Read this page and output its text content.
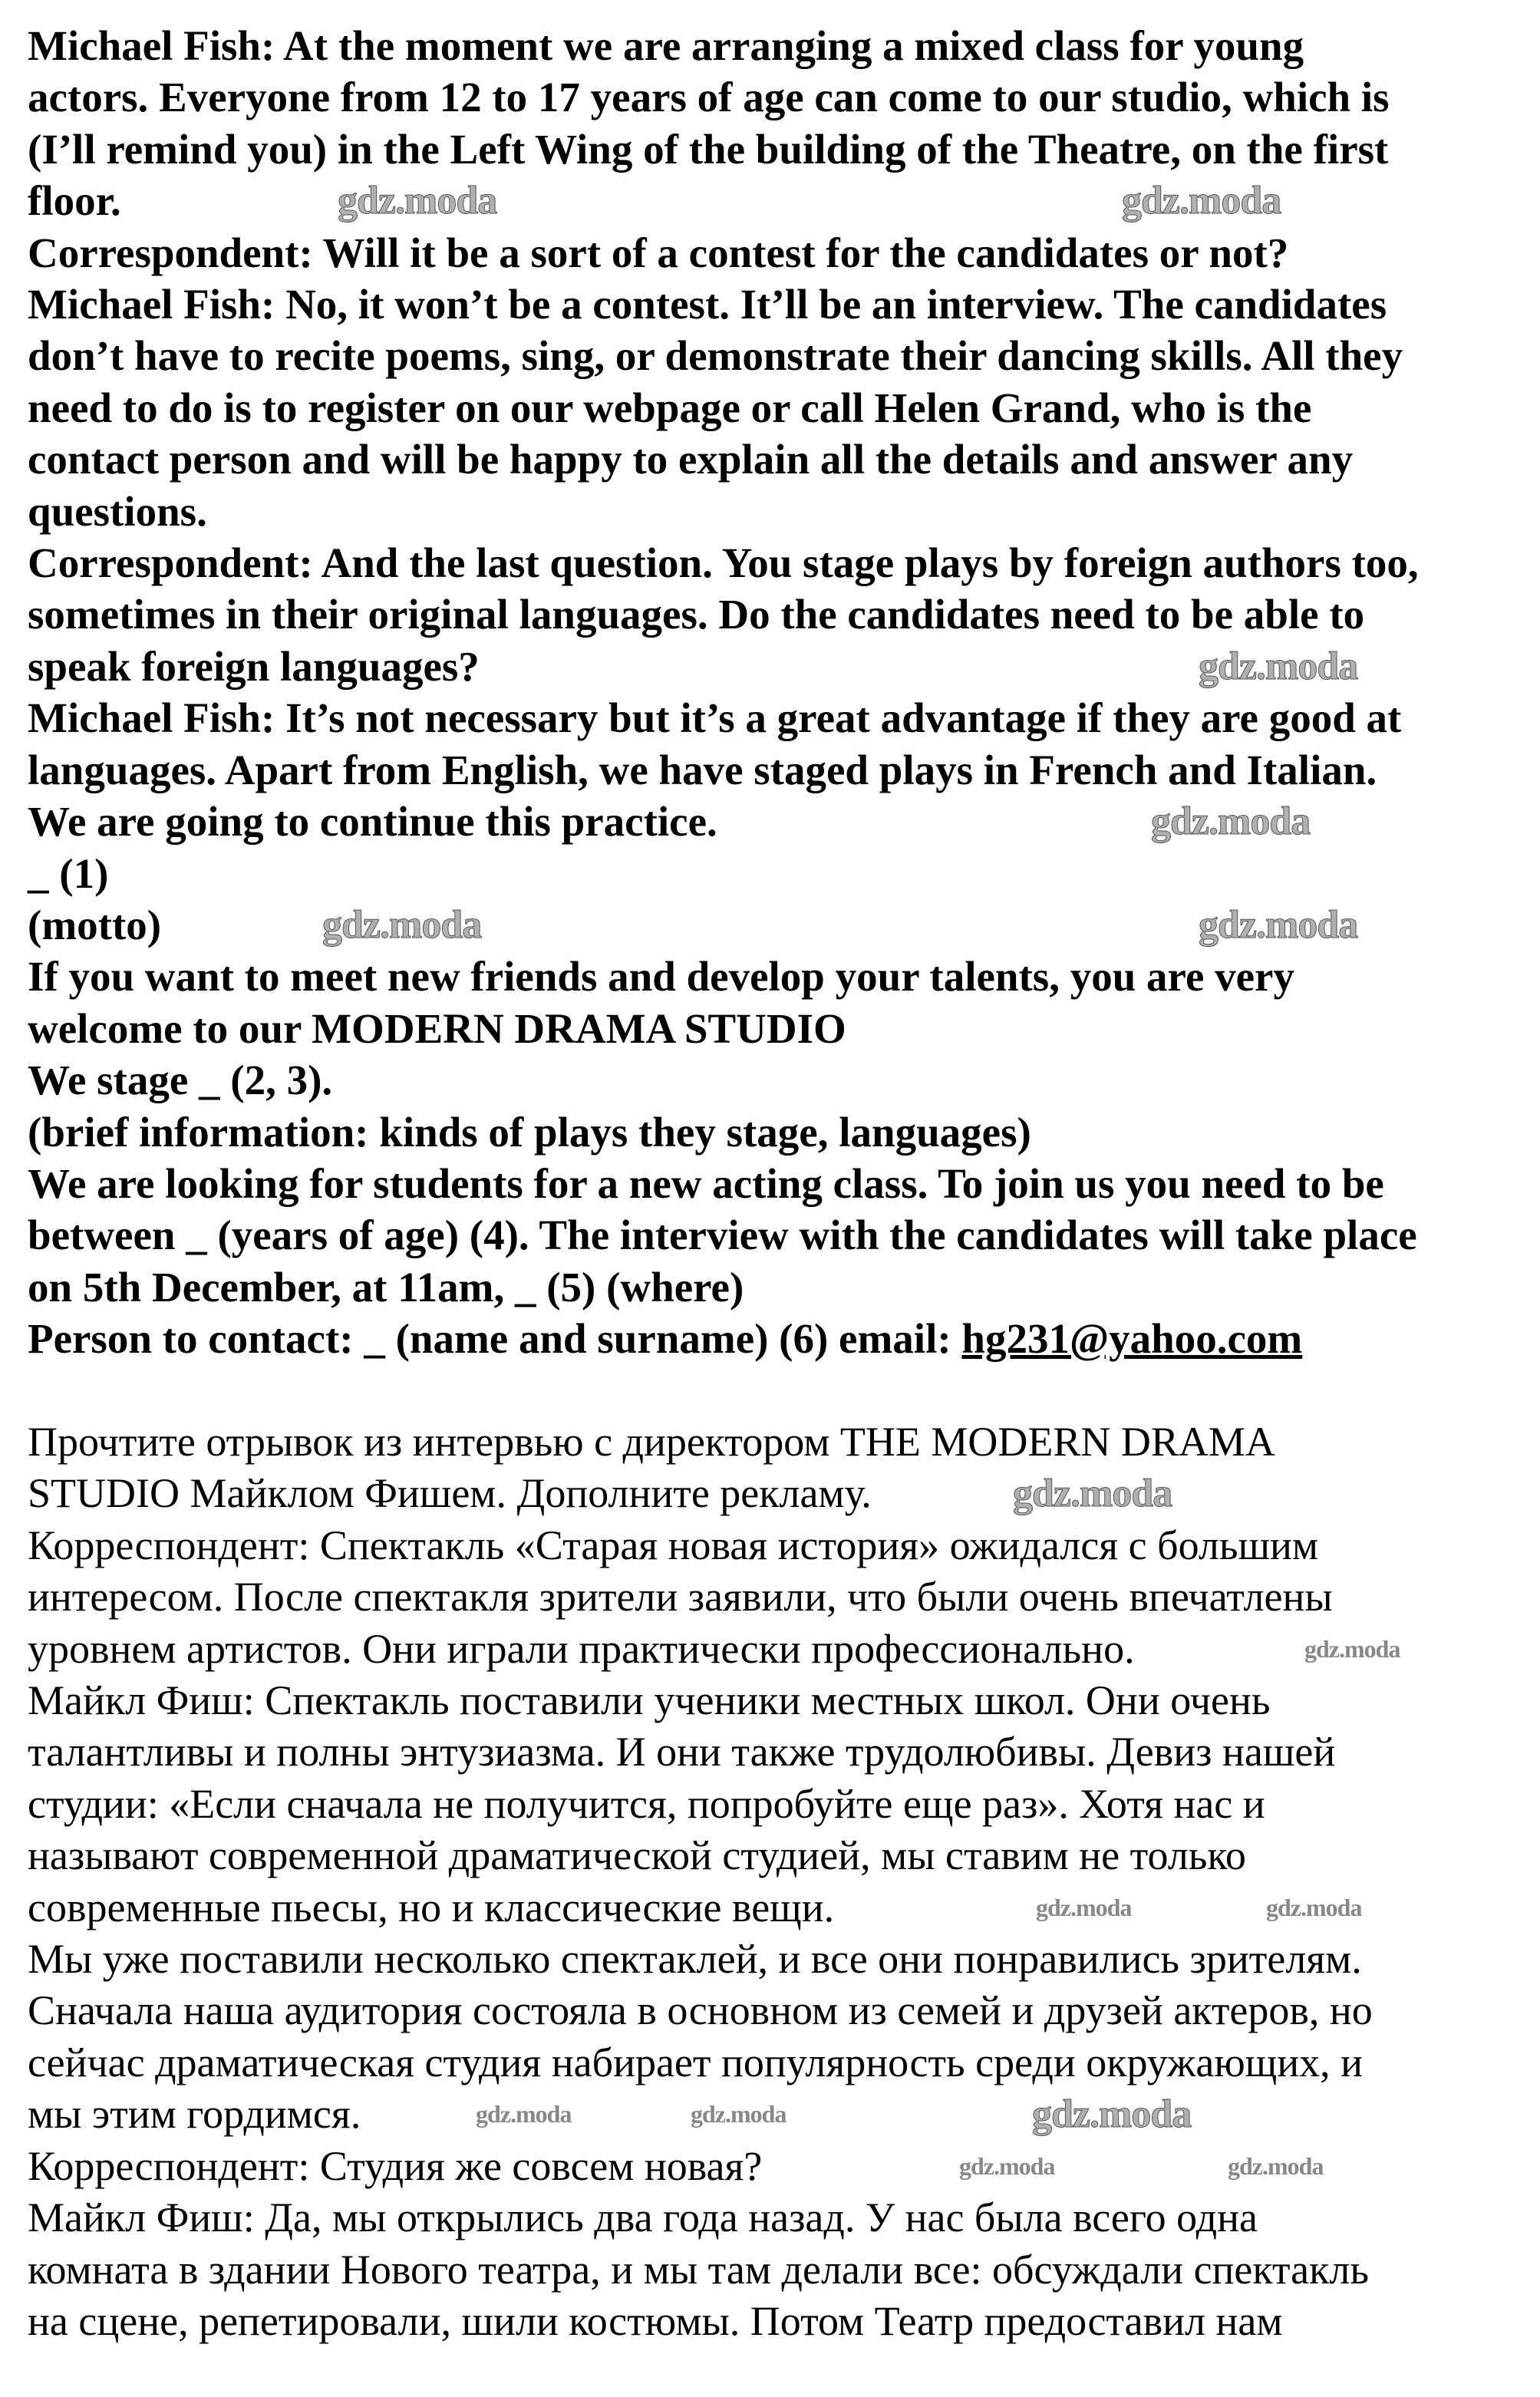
Michael Fish: At the moment we are arranging a mixed class for young
actors. Everyone from 12 to 17 years of age can come to our studio, which is
(I’ll remind you) in the Left Wing of the building of the Theatre, on the first
floor.
Correspondent: Will it be a sort of a contest for the candidates or not?
Michael Fish: No, it won’t be a contest. It’ll be an interview. The candidates
don’t have to recite poems, sing, or demonstrate their dancing skills. All they
need to do is to register on our webpage or call Helen Grand, who is the
contact person and will be happy to explain all the details and answer any
questions.
Correspondent: And the last question. You stage plays by foreign authors too,
sometimes in their original languages. Do the candidates need to be able to
speak foreign languages?
Michael Fish: It’s not necessary but it’s a great advantage if they are good at
languages. Apart from English, we have staged plays in French and Italian.
We are going to continue this practice.
_ (1)
(motto)
If you want to meet new friends and develop your talents, you are very
welcome to our MODERN DRAMA STUDIO
We stage _ (2, 3).
(brief information: kinds of plays they stage, languages)
We are looking for students for a new acting class. To join us you need to be
between _ (years of age) (4). The interview with the candidates will take place
on 5th December, at 11am, _ (5) (where)
Person to contact: _ (name and surname) (6) email: hg231@yahoo.com
Прочтите отрывок из интервью с директором THE MODERN DRAMA
STUDIO Майклом Фишем. Дополните рекламу.
Корреспондент: Спектакль «Старая новая история» ожидался с большим
интересом. После спектакля зрители заявили, что были очень впечатлены
уровнем артистов. Они играли практически профессионально.
Майкл Фиш: Спектакль поставили ученики местных школ. Они очень
талантливы и полны энтузиазма. И они также трудолюбивы. Девиз нашей
студии: «Если сначала не получится, попробуйте еще раз». Хотя нас и
называют современной драматической студией, мы ставим не только
современные пьесы, но и классические вещи.
Мы уже поставили несколько спектаклей, и все они понравились зрителям.
Сначала наша аудитория состояла в основном из семей и друзей актеров, но
сейчас драматическая студия набирает популярность среди окружающих, и
мы этим гордимся.
Корреспондент: Студия же совсем новая?
Майкл Фиш: Да, мы открылись два года назад. У нас была всего одна
комната в здании Нового театра, и мы там делали все: обсуждали спектакль
на сцене, репетировали, шили костюмы. Потом Театр предоставил нам
gdz.moda	gdz.moda
gdz.moda
gdz.moda
gdz.moda	gdz.moda
gdz.moda
gdz.moda
gdz.moda	gdz.moda
gdz.moda	gdz.moda	gdz.moda
gdz.moda	gdz.moda
